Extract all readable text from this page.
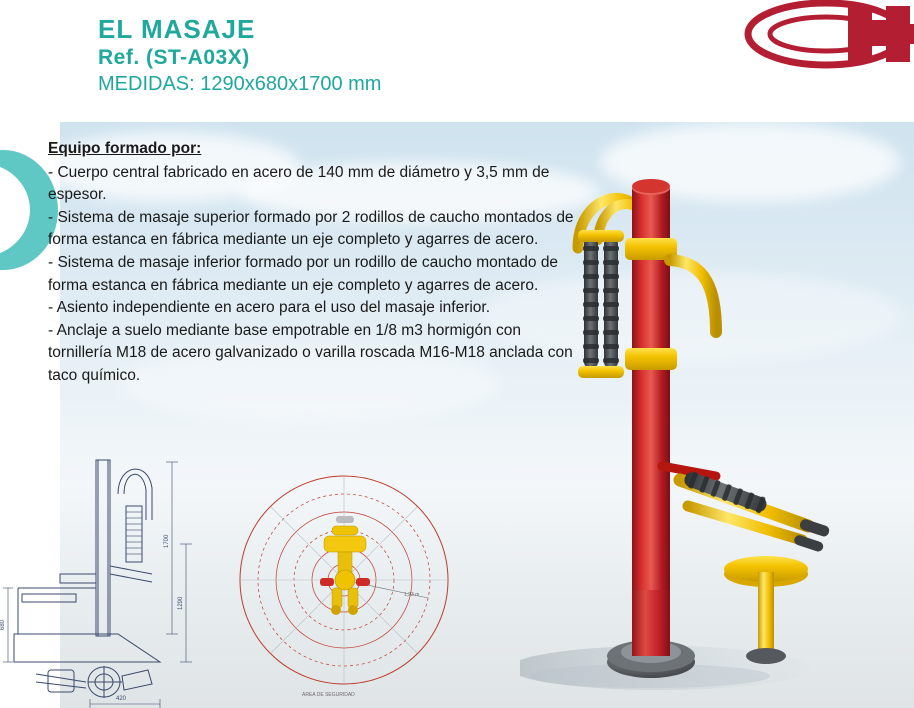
EL MASAJE
Ref. (ST-A03X)
MEDIDAS: 1290x680x1700 mm
Equipo formado por:

- Cuerpo central fabricado en acero de 140 mm de diámetro y 3,5 mm de espesor.

- Sistema de masaje superior formado por 2 rodillos de caucho montados de forma estanca en fábrica mediante un eje completo y agarres de acero.

- Sistema de masaje inferior formado por un rodillo de caucho montado de forma estanca en fábrica mediante un eje completo y agarres de acero.

- Asiento independiente en acero para el uso del masaje inferior.

- Anclaje a suelo mediante base empotrable en 1/8 m3 hormigón con tornillería M18 de acero galvanizado o varilla roscada M16-M18 anclada con taco químico.

1700
1290
680
420
1,23 m
AREA DE SEGURIDAD
